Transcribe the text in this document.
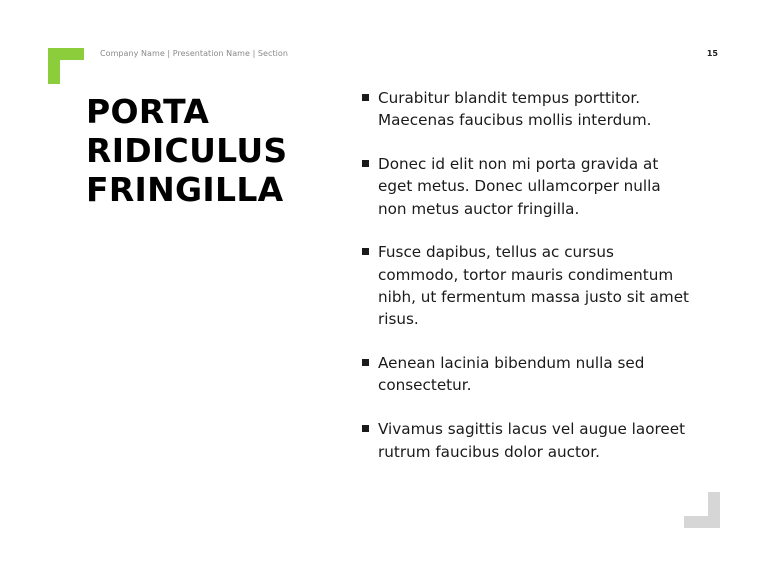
Company Name | Presentation Name | Section	15
PORTA
RIDICULUS
FRINGILLA
Curabitur blandit tempus porttitor. Maecenas faucibus mollis interdum.
Donec id elit non mi porta gravida at eget metus. Donec ullamcorper nulla non metus auctor fringilla.
Fusce dapibus, tellus ac cursus commodo, tortor mauris condimentum nibh, ut fermentum massa justo sit amet risus.
Aenean lacinia bibendum nulla sed consectetur.
Vivamus sagittis lacus vel augue laoreet rutrum faucibus dolor auctor.
